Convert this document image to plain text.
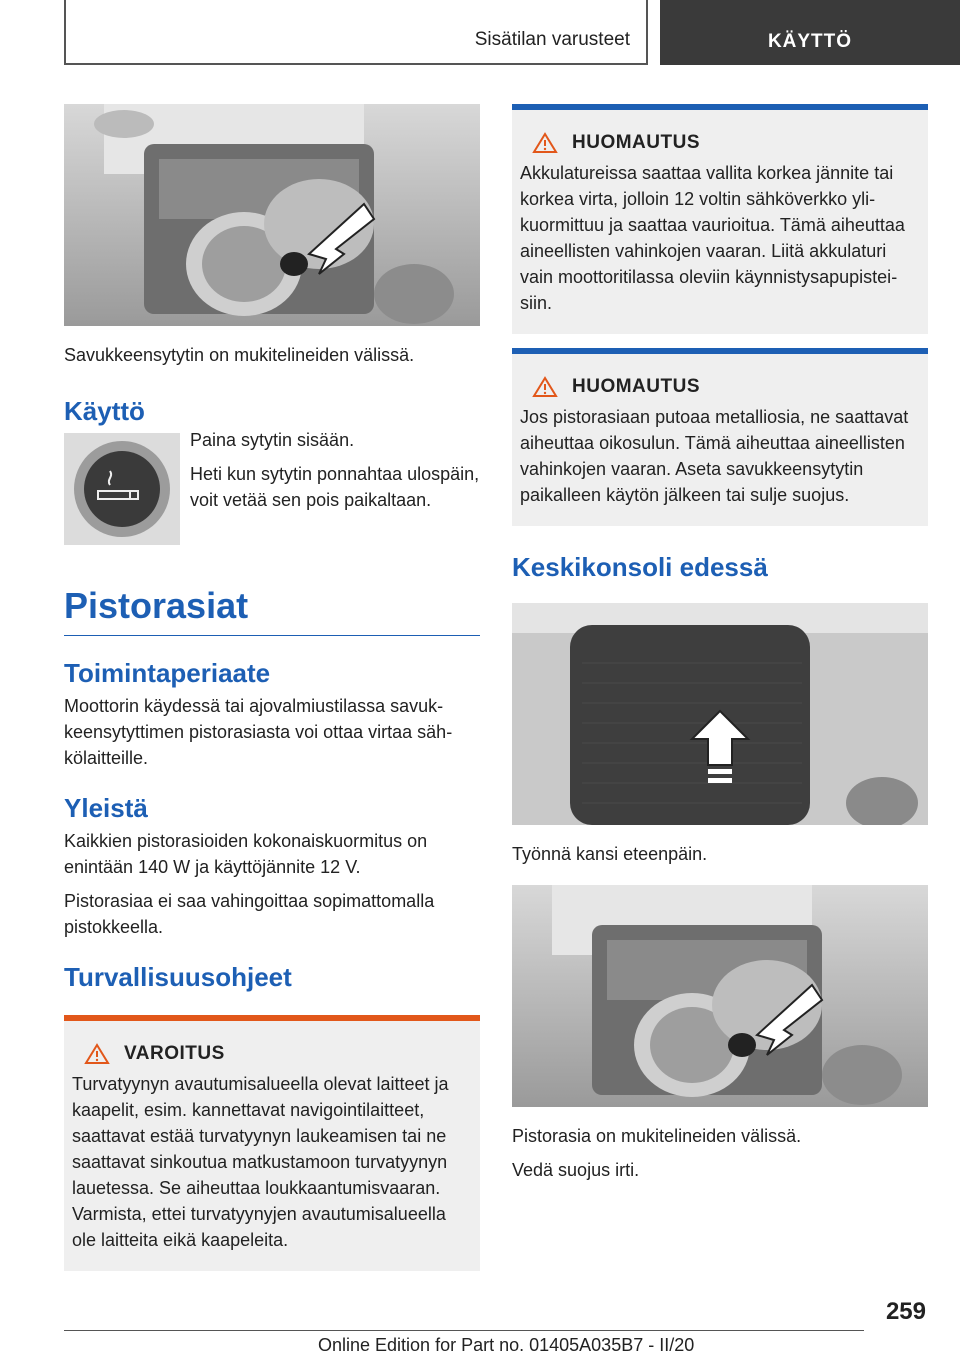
Sisätilan varusteet	KÄYTTÖ

Savukkeensytytin on mukitelineiden välissä.

Käyttö

Paina sytytin sisään.

Heti kun sytytin ponnahtaa ulospäin, voit vetää sen pois paikaltaan.

Pistorasiat
Toimintaperiaate

Moottorin käydessä tai ajovalmiustilassa savukkeensytyttimen pistorasiasta voi ottaa virtaa sähkölaitteille.

Yleistä

Kaikkien pistorasioiden kokonaiskuormitus on enintään 140 W ja käyttöjännite 12 V.

Pistorasiaa ei saa vahingoittaa sopimattomalla pistokkeella.

Turvallisuusohjeet
VAROITUS

Turvatyynyn avautumisalueella olevat laitteet ja kaapelit, esim. kannettavat navigointilaitteet, saattavat estää turvatyynyn laukeamisen tai ne saattavat sinkoutua matkustamoon turvatyynyn lauetessa. Se aiheuttaa loukkaantumisvaaran. Varmista, ettei turvatyynyjen avautumisalueella ole laitteita eikä kaapeleita.

HUOMAUTUS

Akkulatureissa saattaa vallita korkea jännite tai korkea virta, jolloin 12 voltin sähköverkko ylikuormittuu ja saattaa vaurioitua. Tämä aiheuttaa aineellisten vahinkojen vaaran. Liitä akkulaturi vain moottoritilassa oleviin käynnistysapupisteisiin.

HUOMAUTUS

Jos pistorasiaan putoaa metalliosia, ne saattavat aiheuttaa oikosulun. Tämä aiheuttaa aineellisten vahinkojen vaaran. Aseta savukkeensytytin paikalleen käytön jälkeen tai sulje suojus.

Keskikonsoli edessä

Työnnä kansi eteenpäin.

Pistorasia on mukitelineiden välissä.

Vedä suojus irti.

259
Online Edition for Part no. 01405A035B7 - II/20
